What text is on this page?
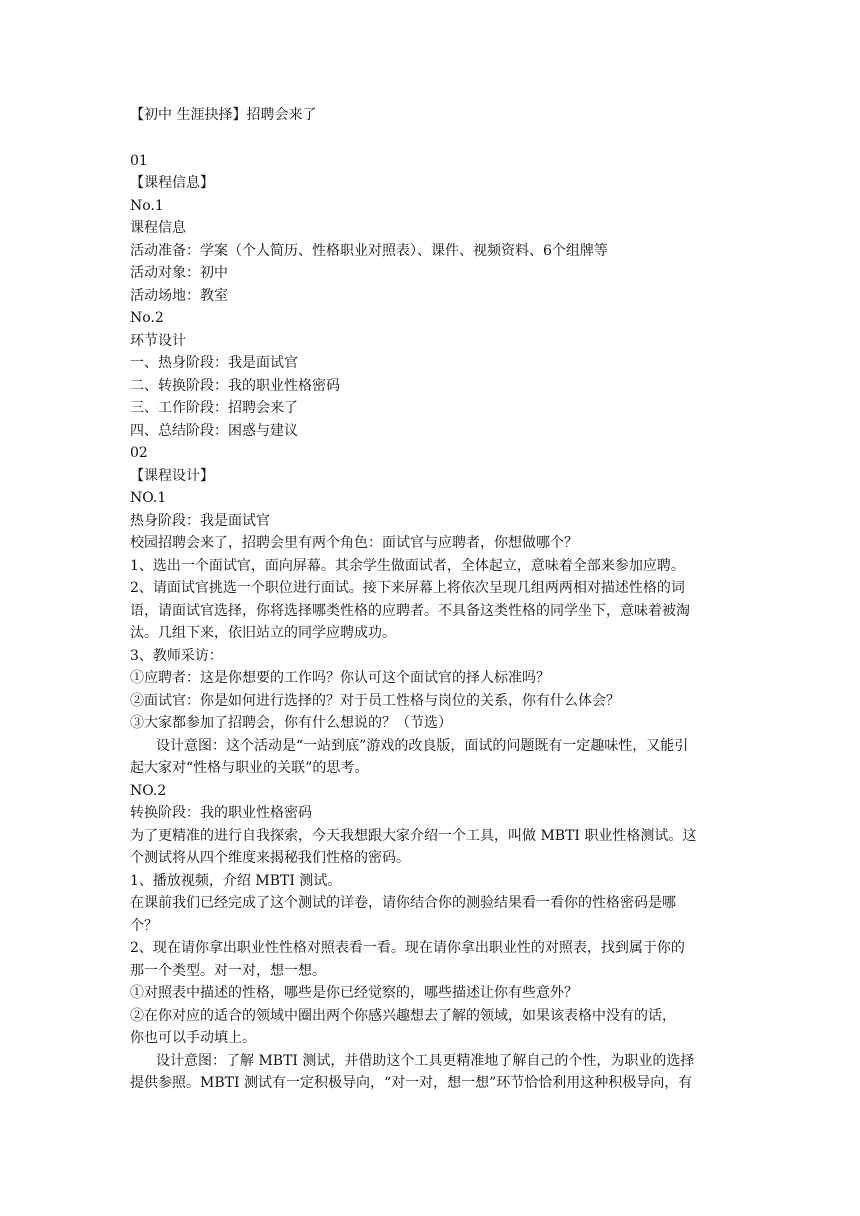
【初中 生涯抉择】招聘会来了
01
【课程信息】
No.1
课程信息
活动准备：学案（个人简历、性格职业对照表）、课件、视频资料、6个组牌等
活动对象：初中
活动场地：教室
No.2
环节设计
一、热身阶段：我是面试官
二、转换阶段：我的职业性格密码
三、工作阶段：招聘会来了
四、总结阶段：困惑与建议
02
【课程设计】
NO.1
热身阶段：我是面试官
校园招聘会来了，招聘会里有两个角色：面试官与应聘者，你想做哪个？
1、选出一个面试官，面向屏幕。其余学生做面试者，全体起立，意味着全部来参加应聘。
2、请面试官挑选一个职位进行面试。接下来屏幕上将依次呈现几组两两相对描述性格的词
语，请面试官选择，你将选择哪类性格的应聘者。不具备这类性格的同学坐下，意味着被淘
汰。几组下来，依旧站立的同学应聘成功。
3、教师采访：
①应聘者：这是你想要的工作吗？你认可这个面试官的择人标准吗？
②面试官：你是如何进行选择的？对于员工性格与岗位的关系，你有什么体会？
③大家都参加了招聘会，你有什么想说的？（节选）
设计意图：这个活动是“一站到底”游戏的改良版，面试的问题既有一定趣味性，又能引
起大家对“性格与职业的关联”的思考。
NO.2
转换阶段：我的职业性格密码
为了更精准的进行自我探索，今天我想跟大家介绍一个工具，叫做 MBTI 职业性格测试。这
个测试将从四个维度来揭秘我们性格的密码。
1、播放视频，介绍 MBTI 测试。
在课前我们已经完成了这个测试的详卷，请你结合你的测验结果看一看你的性格密码是哪
个？
2、现在请你拿出职业性性格对照表看一看。现在请你拿出职业性的对照表，找到属于你的
那一个类型。对一对，想一想。
①对照表中描述的性格，哪些是你已经觉察的，哪些描述让你有些意外？
②在你对应的适合的领域中圈出两个你感兴趣想去了解的领域，如果该表格中没有的话，
你也可以手动填上。
设计意图：了解 MBTI 测试，并借助这个工具更精准地了解自己的个性，为职业的选择
提供参照。MBTI 测试有一定积极导向，“对一对，想一想”环节恰恰利用这种积极导向，有
